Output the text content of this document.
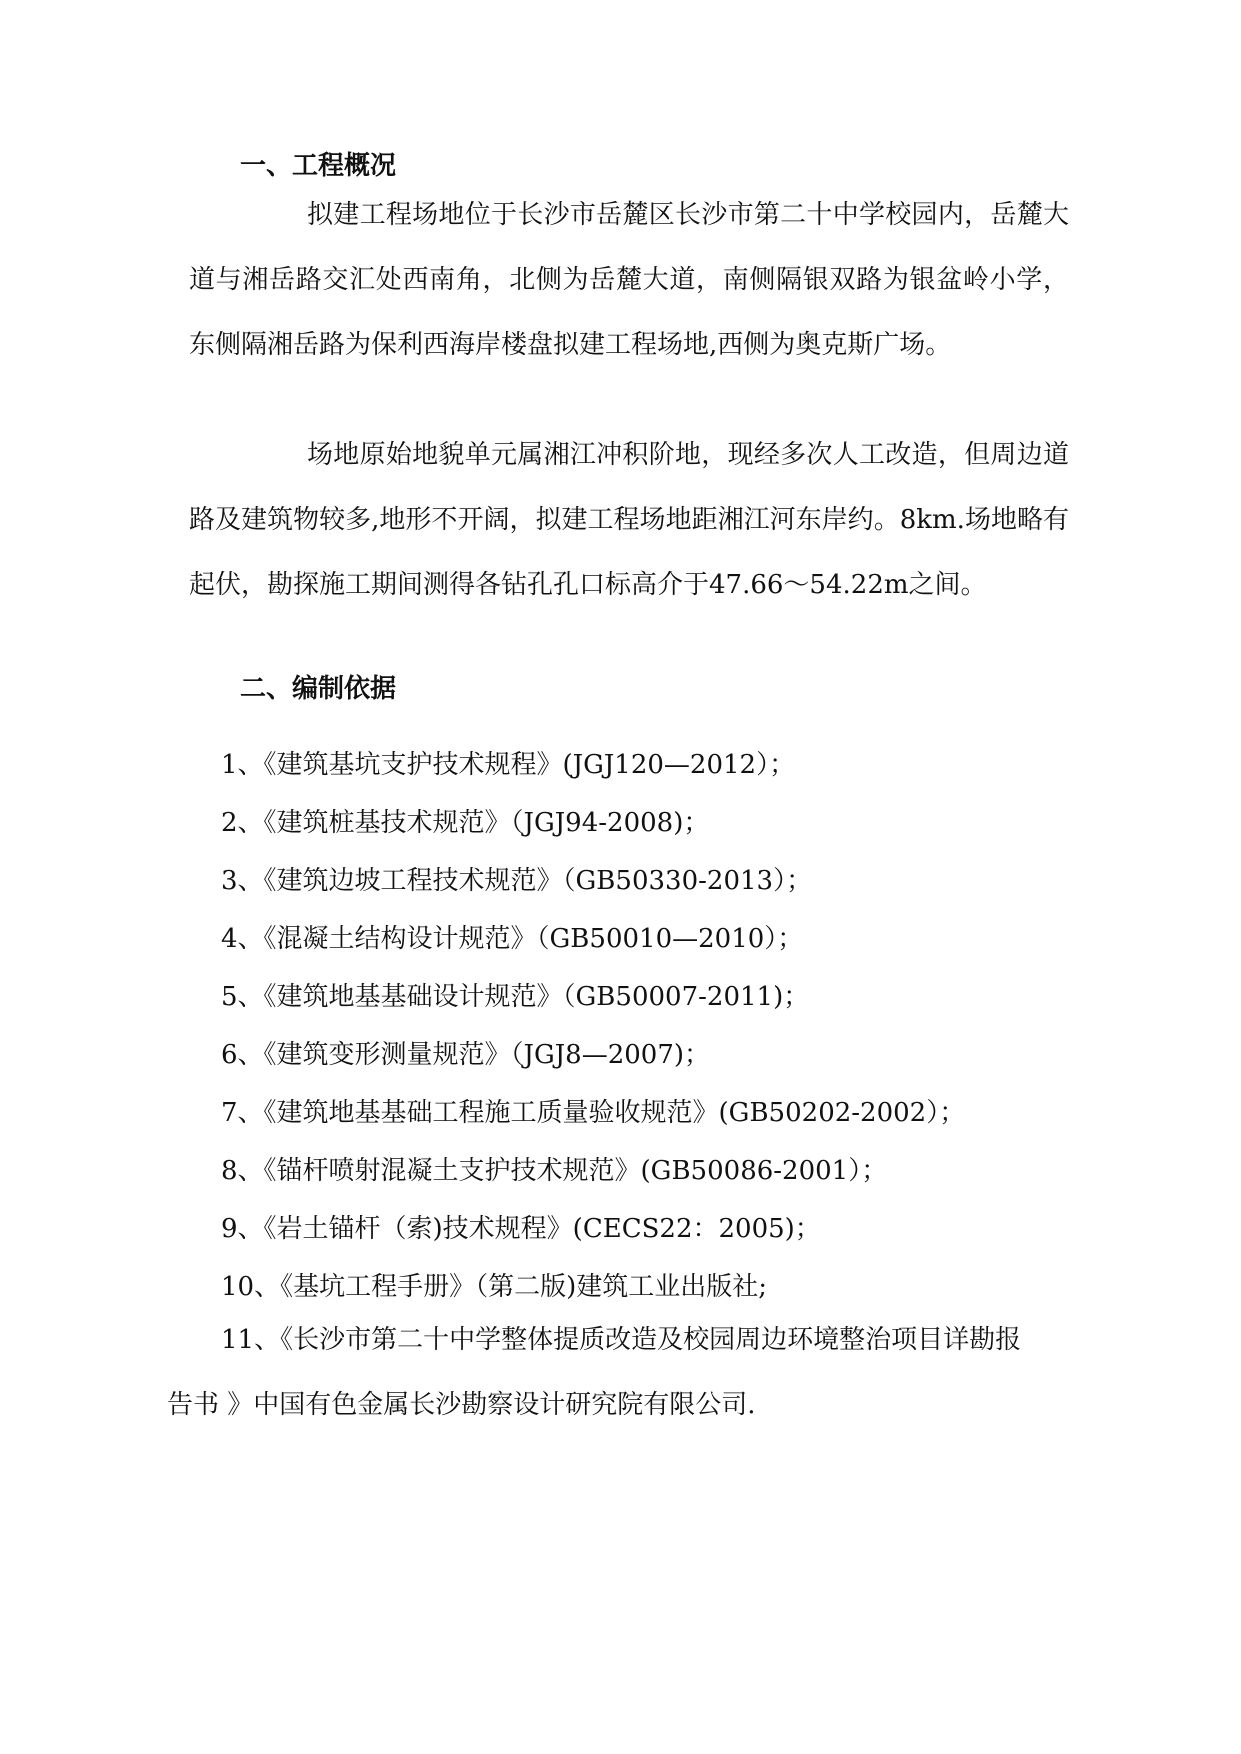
一、工程概况

拟建工程场地位于长沙市岳麓区长沙市第二十中学校园内，岳麓大道与湘岳路交汇处西南角，北侧为岳麓大道，南侧隔银双路为银盆岭小学，东侧隔湘岳路为保利西海岸楼盘拟建工程场地,西侧为奥克斯广场。

场地原始地貌单元属湘江冲积阶地，现经多次人工改造，但周边道路及建筑物较多,地形不开阔，拟建工程场地距湘江河东岸约。8km.场地略有起伏，勘探施工期间测得各钻孔孔口标高介于47.66～54.22m之间。

二、编制依据
1、《建筑基坑支护技术规程》(JGJ120—2012）；
2、《建筑桩基技术规范》（JGJ94-2008)；
3、《建筑边坡工程技术规范》（GB50330-2013）；
4、《混凝土结构设计规范》（GB50010—2010）；
5、《建筑地基基础设计规范》（GB50007-2011)；
6、《建筑变形测量规范》（JGJ8—2007)；
7、《建筑地基基础工程施工质量验收规范》(GB50202-2002）；
8、《锚杆喷射混凝土支护技术规范》(GB50086-2001）；
9、《岩土锚杆（索)技术规程》(CECS22：2005)；
10、《基坑工程手册》（第二版)建筑工业出版社;
11、《长沙市第二十中学整体提质改造及校园周边环境整治项目详勘报告书 》中国有色金属长沙勘察设计研究院有限公司.
